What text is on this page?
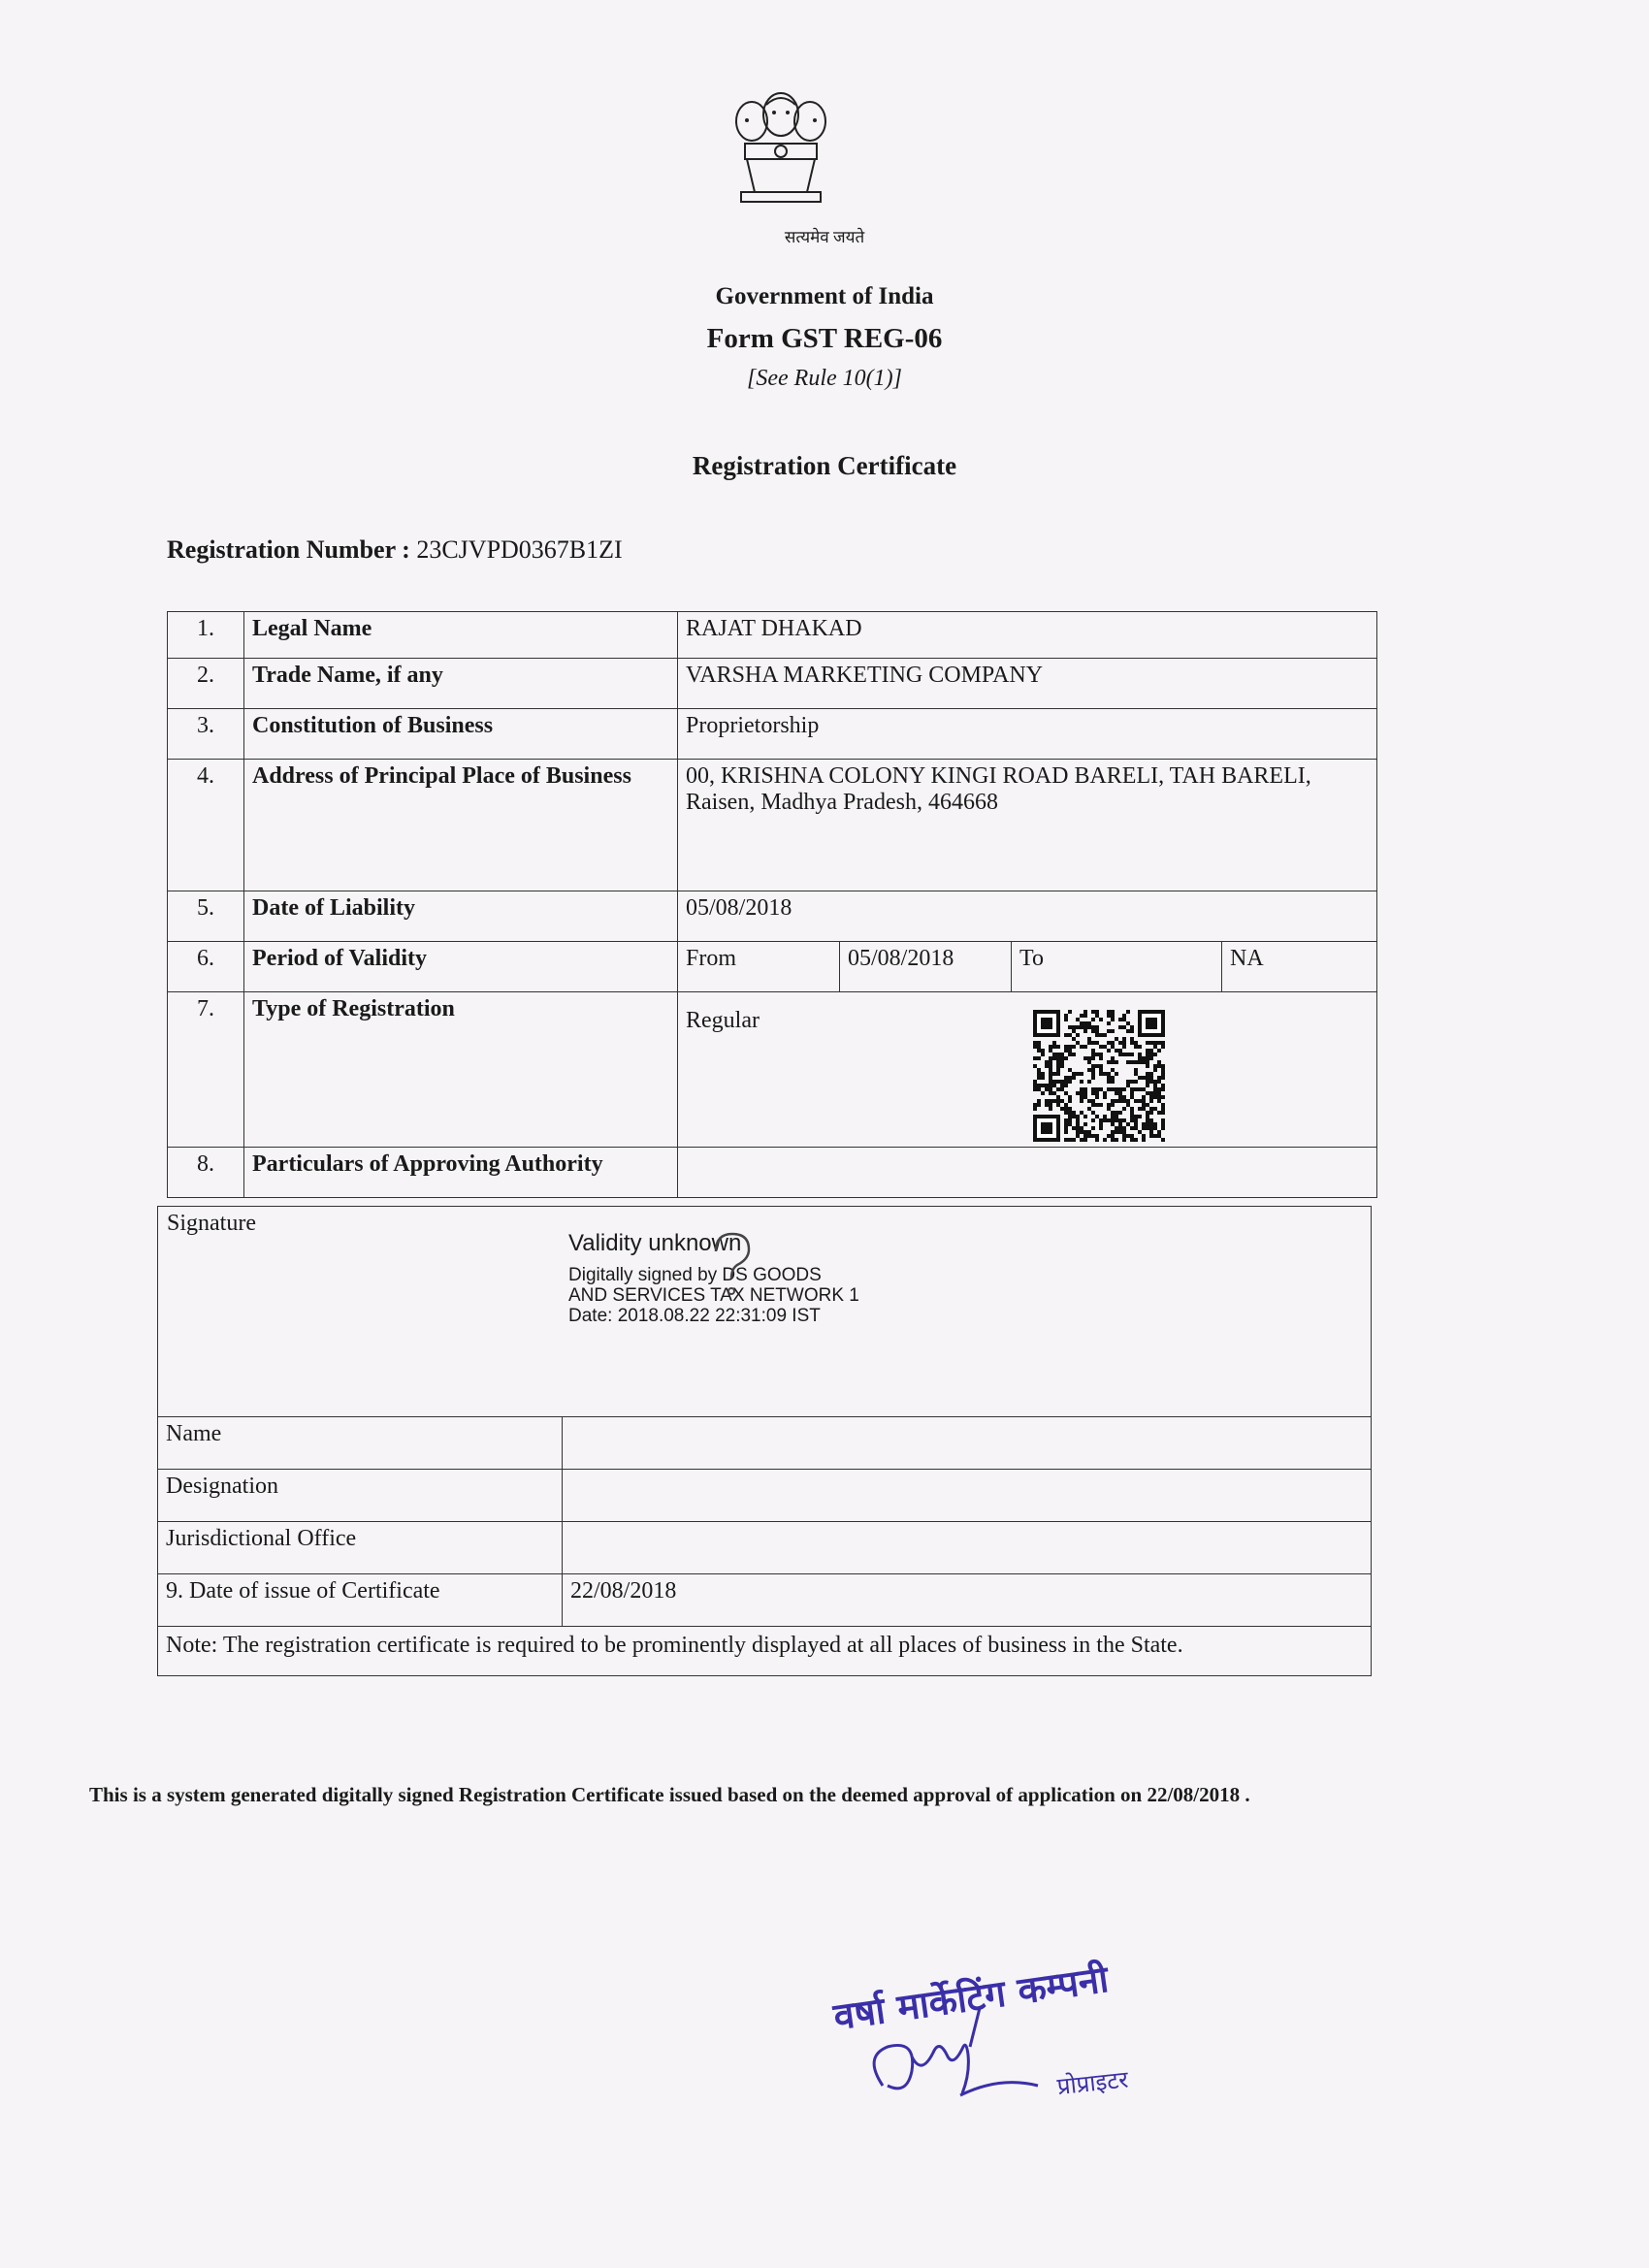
सत्यमेव जयते
Government of India
Form GST REG-06
[See Rule 10(1)]
Registration Certificate
Registration Number : 23CJVPD0367B1ZI
1.	Legal Name	RAJAT DHAKAD			
2.	Trade Name, if any	VARSHA MARKETING COMPANY			
3.	Constitution of Business	Proprietorship			
4.	Address of Principal Place of Business	00, KRISHNA COLONY KINGI ROAD BARELI, TAH BARELI, Raisen, Madhya Pradesh, 464668			
5.	Date of Liability	05/08/2018			
6.	Period of Validity	From	05/08/2018	To	NA
7.	Type of Registration	Regular			
8.	Particulars of Approving Authority				
Signature
Validity unknown
Digitally signed by DS GOODS
AND SERVICES TAX NETWORK 1
Date: 2018.08.22 22:31:09 IST
Name	
Designation	
Jurisdictional Office	
9. Date of issue of Certificate	22/08/2018
Note: The registration certificate is required to be prominently displayed at all places of business in the State.
This is a system generated digitally signed Registration Certificate issued based on the deemed approval of application on 22/08/2018 .
वर्षा मार्केटिंग कम्पनी
प्रोप्राइटर
